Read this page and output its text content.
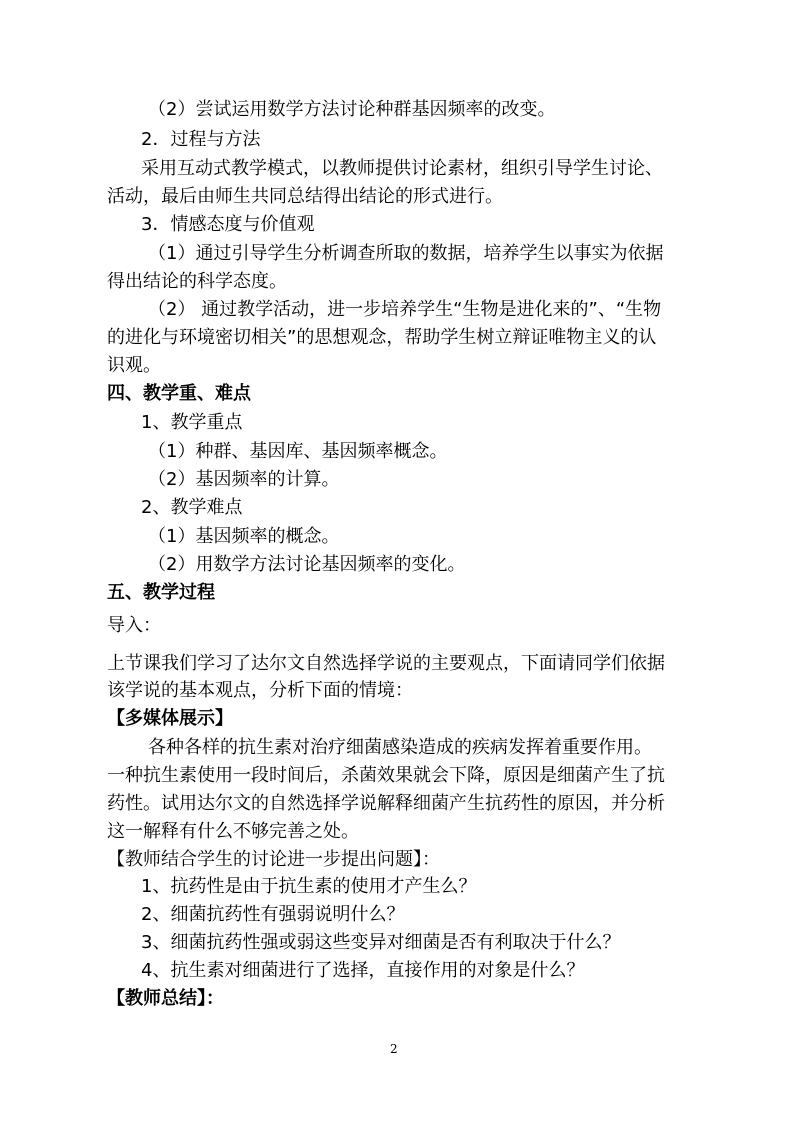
（2）尝试运用数学方法讨论种群基因频率的改变。
2．过程与方法
采用互动式教学模式，以教师提供讨论素材，组织引导学生讨论、
活动，最后由师生共同总结得出结论的形式进行。
3．情感态度与价值观
（1）通过引导学生分析调查所取的数据，培养学生以事实为依据
得出结论的科学态度。
（2） 通过教学活动，进一步培养学生“生物是进化来的”、“生物
的进化与环境密切相关”的思想观念，帮助学生树立辩证唯物主义的认
识观。
四、教学重、难点
1、教学重点
（1）种群、基因库、基因频率概念。
（2）基因频率的计算。
2、教学难点
（1）基因频率的概念。
（2）用数学方法讨论基因频率的变化。
五、教学过程
导入：
上节课我们学习了达尔文自然选择学说的主要观点，下面请同学们依据
该学说的基本观点，分析下面的情境：
【多媒体展示】
各种各样的抗生素对治疗细菌感染造成的疾病发挥着重要作用。
一种抗生素使用一段时间后，杀菌效果就会下降，原因是细菌产生了抗
药性。试用达尔文的自然选择学说解释细菌产生抗药性的原因，并分析
这一解释有什么不够完善之处。
【教师结合学生的讨论进一步提出问题】：
1、抗药性是由于抗生素的使用才产生么？
2、细菌抗药性有强弱说明什么？
3、细菌抗药性强或弱这些变异对细菌是否有利取决于什么？
4、抗生素对细菌进行了选择，直接作用的对象是什么？
【教师总结】：
2
